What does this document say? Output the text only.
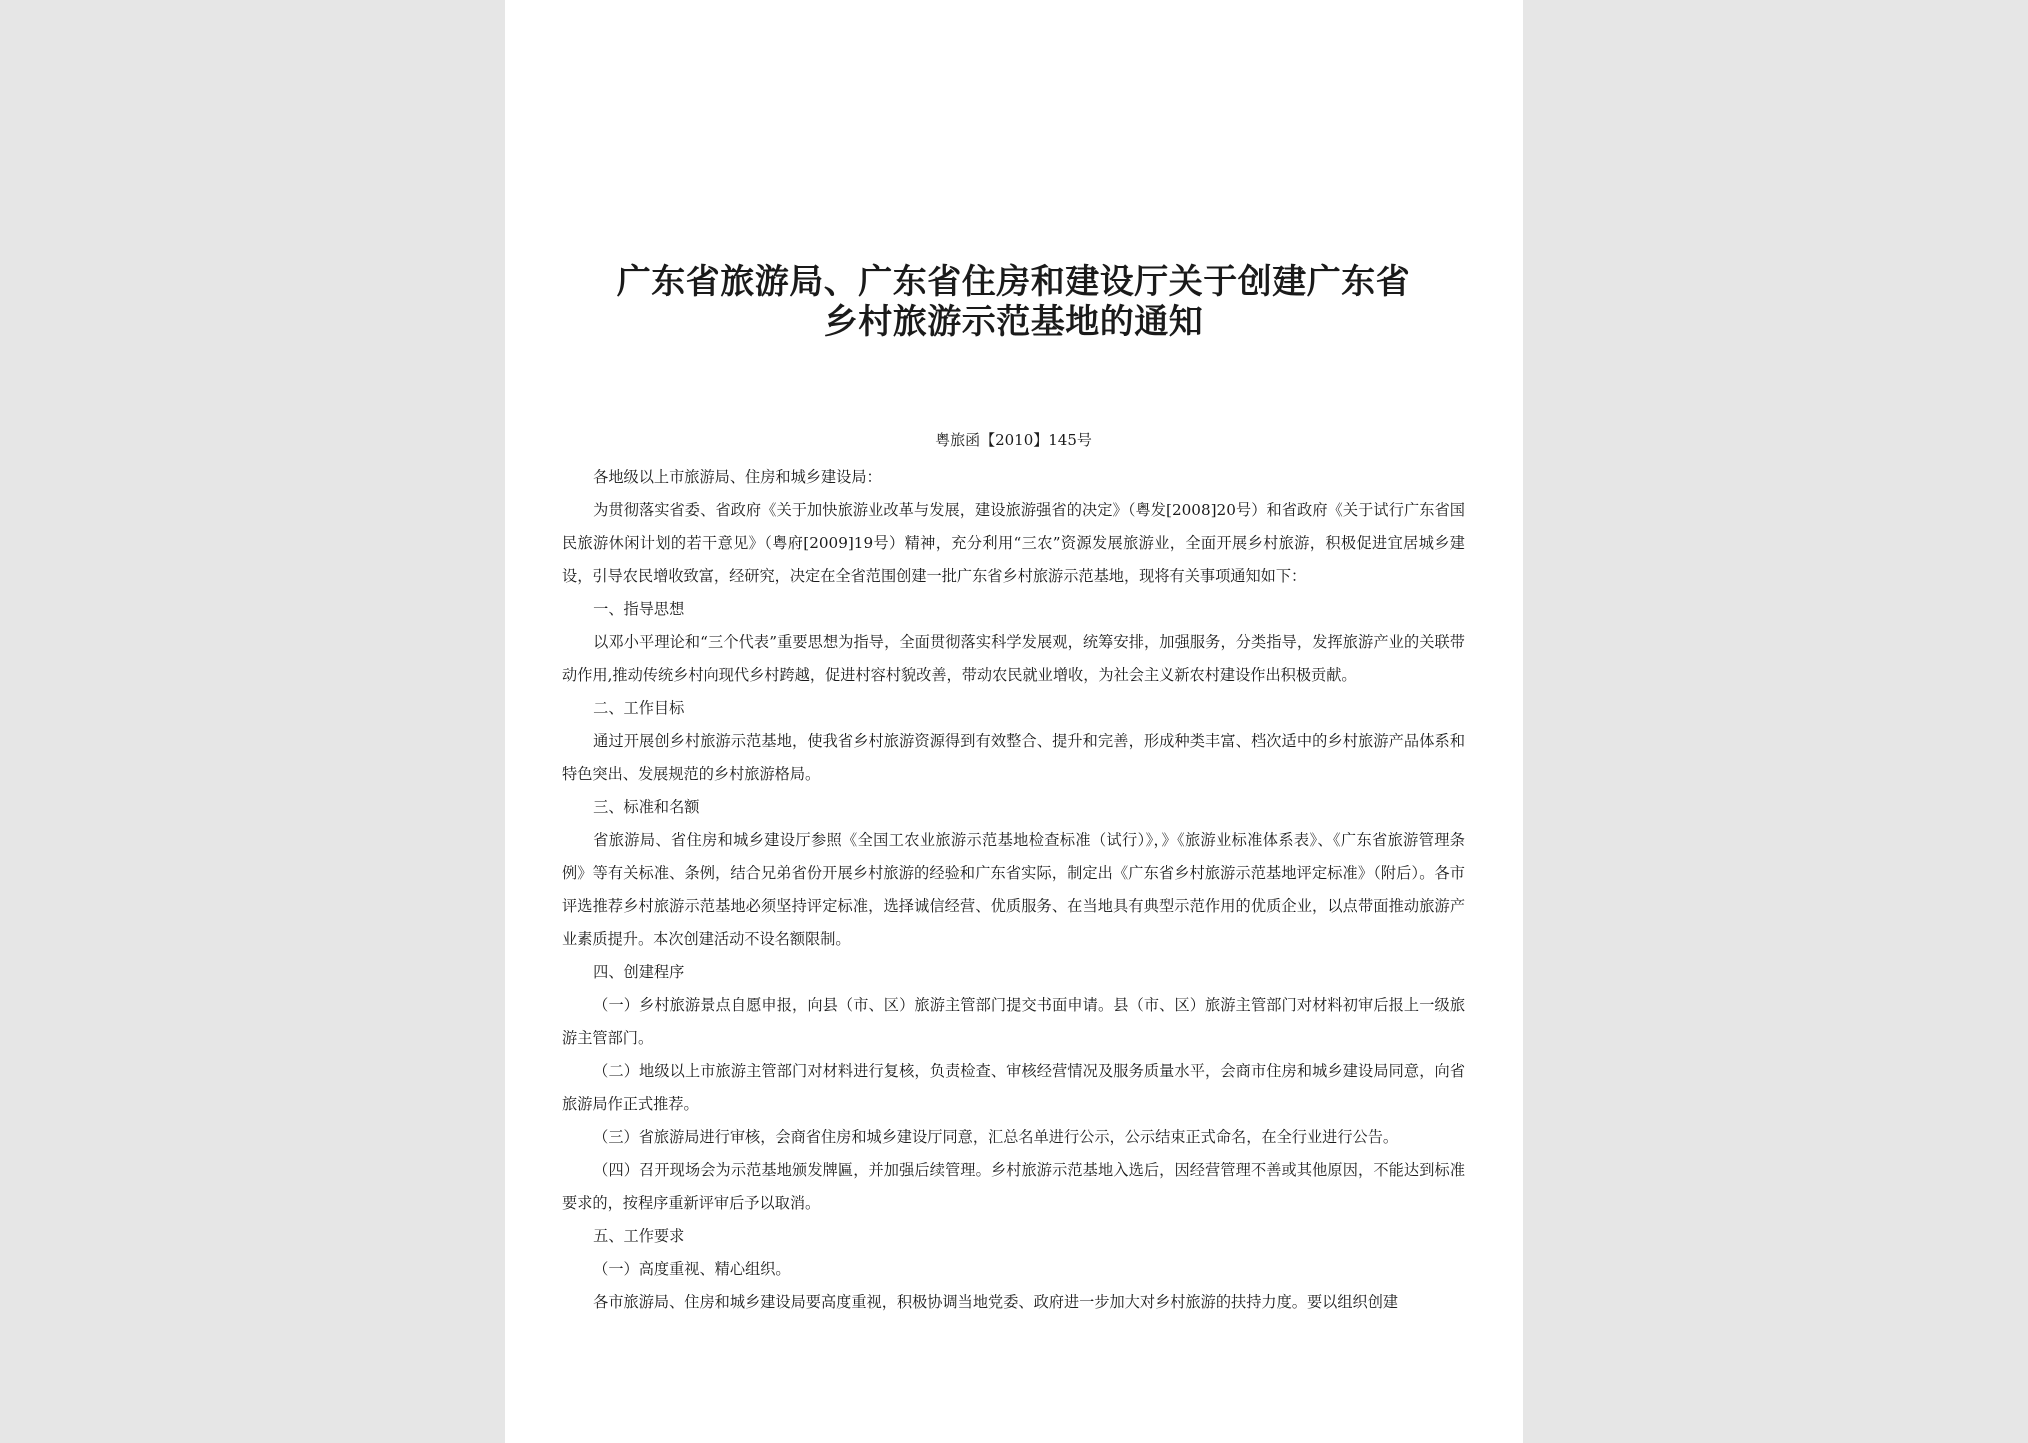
广东省旅游局、广东省住房和建设厅关于创建广东省
乡村旅游示范基地的通知

粤旅函【2010】145号

各地级以上市旅游局、住房和城乡建设局：

为贯彻落实省委、省政府《关于加快旅游业改革与发展，建设旅游强省的决定》（粤发[2008]20号）和省政府《关于试行广东省国民旅游休闲计划的若干意见》（粤府[2009]19号）精神，充分利用“三农”资源发展旅游业，全面开展乡村旅游，积极促进宜居城乡建设，引导农民增收致富，经研究，决定在全省范围创建一批广东省乡村旅游示范基地，现将有关事项通知如下：

一、指导思想

以邓小平理论和“三个代表”重要思想为指导，全面贯彻落实科学发展观，统筹安排，加强服务，分类指导，发挥旅游产业的关联带动作用,推动传统乡村向现代乡村跨越，促进村容村貌改善，带动农民就业增收，为社会主义新农村建设作出积极贡献。

二、工作目标

通过开展创乡村旅游示范基地，使我省乡村旅游资源得到有效整合、提升和完善，形成种类丰富、档次适中的乡村旅游产品体系和特色突出、发展规范的乡村旅游格局。

三、标准和名额

省旅游局、省住房和城乡建设厅参照《全国工农业旅游示范基地检查标准（试行）》，》《旅游业标准体系表》、《广东省旅游管理条例》等有关标准、条例，结合兄弟省份开展乡村旅游的经验和广东省实际，制定出《广东省乡村旅游示范基地评定标准》（附后）。各市评选推荐乡村旅游示范基地必须坚持评定标准，选择诚信经营、优质服务、在当地具有典型示范作用的优质企业，以点带面推动旅游产业素质提升。本次创建活动不设名额限制。

四、创建程序

（一）乡村旅游景点自愿申报，向县（市、区）旅游主管部门提交书面申请。县（市、区）旅游主管部门对材料初审后报上一级旅游主管部门。

（二）地级以上市旅游主管部门对材料进行复核，负责检查、审核经营情况及服务质量水平，会商市住房和城乡建设局同意，向省旅游局作正式推荐。

（三）省旅游局进行审核，会商省住房和城乡建设厅同意，汇总名单进行公示，公示结束正式命名，在全行业进行公告。

（四）召开现场会为示范基地颁发牌匾，并加强后续管理。乡村旅游示范基地入选后，因经营管理不善或其他原因，不能达到标准要求的，按程序重新评审后予以取消。

五、工作要求

（一）高度重视、精心组织。

各市旅游局、住房和城乡建设局要高度重视，积极协调当地党委、政府进一步加大对乡村旅游的扶持力度。要以组织创建
